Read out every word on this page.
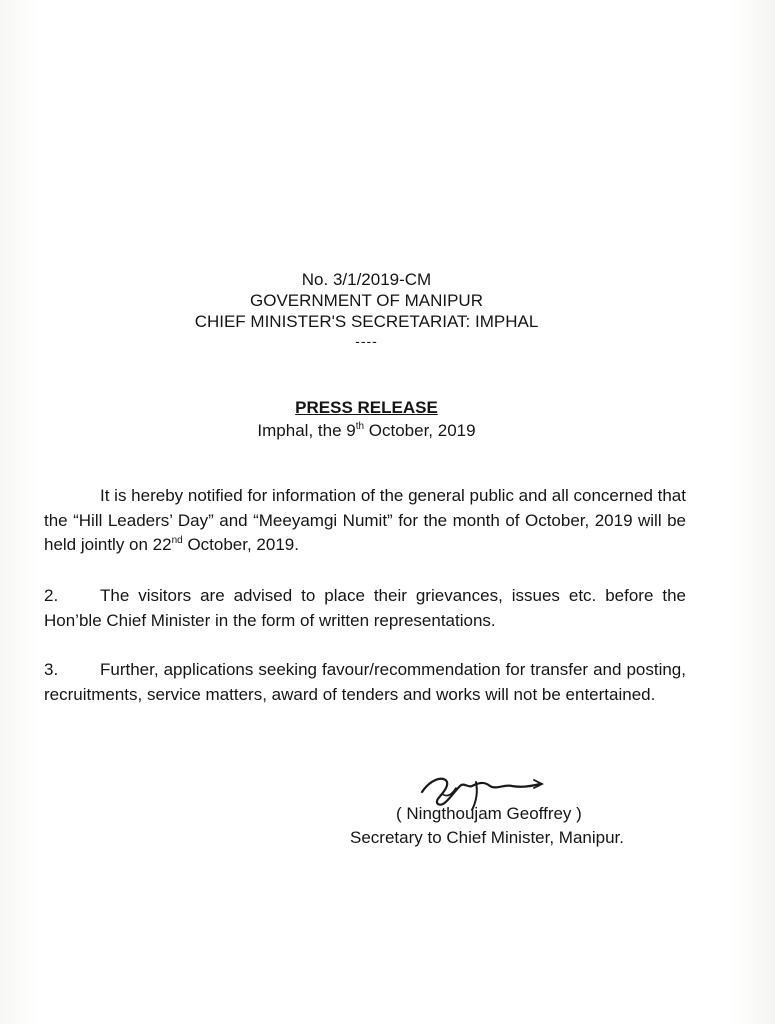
No. 3/1/2019-CM
GOVERNMENT OF MANIPUR
CHIEF MINISTER'S SECRETARIAT: IMPHAL
----
PRESS RELEASE
Imphal, the 9th October, 2019
It is hereby notified for information of the general public and all concerned that the “Hill Leaders’ Day” and “Meeyamgi Numit” for the month of October, 2019 will be held jointly on 22nd October, 2019.
2. The visitors are advised to place their grievances, issues etc. before the Hon’ble Chief Minister in the form of written representations.
3. Further, applications seeking favour/recommendation for transfer and posting, recruitments, service matters, award of tenders and works will not be entertained.
( Ningthoujam Geoffrey )
Secretary to Chief Minister, Manipur.
